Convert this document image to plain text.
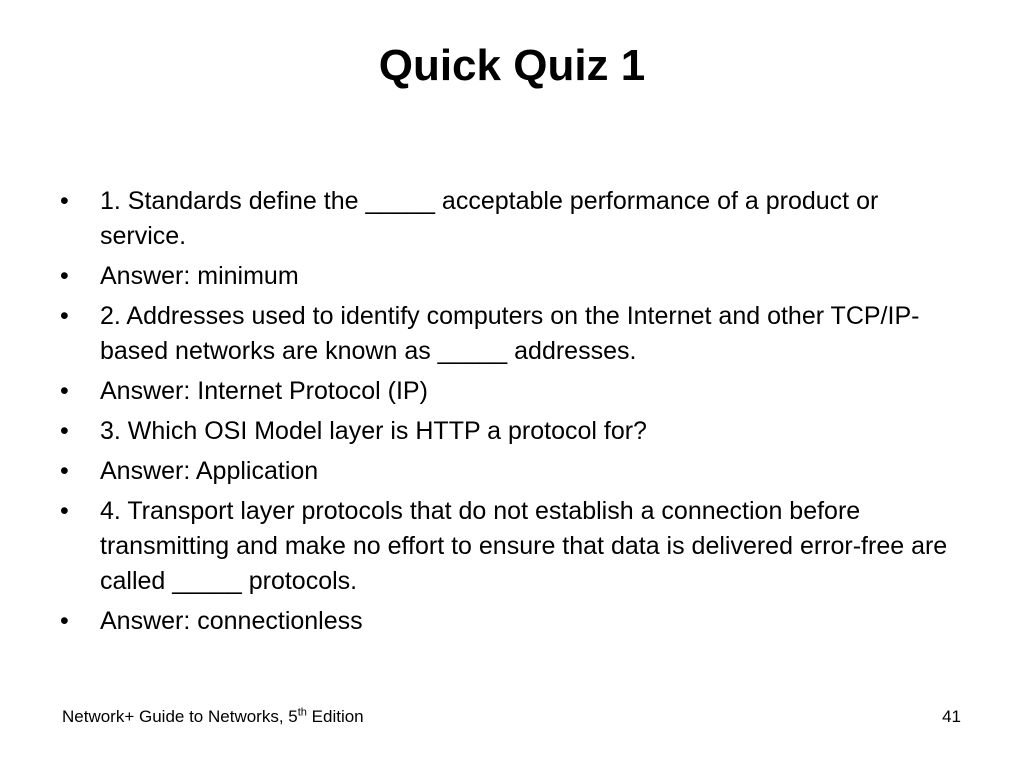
Quick Quiz 1
•	1. Standards define the _____ acceptable performance of a product or service.
•	Answer: minimum
•	2. Addresses used to identify computers on the Internet and other TCP/IP-based networks are known as _____ addresses.
•	Answer: Internet Protocol (IP)
•	3. Which OSI Model layer is HTTP a protocol for?
•	Answer: Application
•	4. Transport layer protocols that do not establish a connection before transmitting and make no effort to ensure that data is delivered error-free are called _____ protocols.
•	Answer: connectionless
Network+ Guide to Networks, 5th Edition	41
